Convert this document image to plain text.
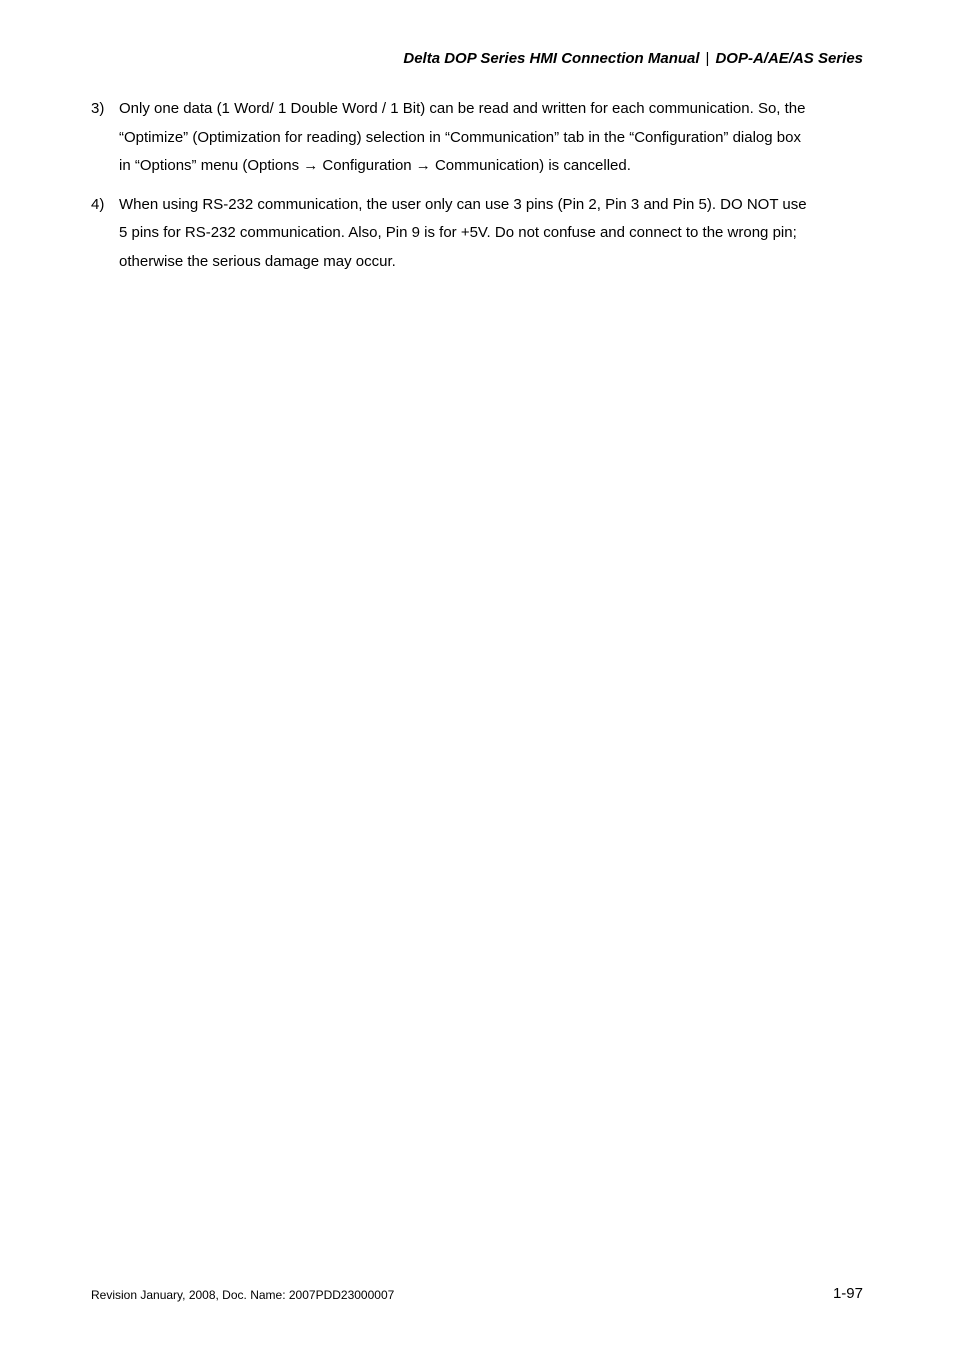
Delta DOP Series HMI Connection Manual | DOP-A/AE/AS Series
3) Only one data (1 Word/ 1 Double Word / 1 Bit) can be read and written for each communication. So, the
“Optimize” (Optimization for reading) selection in “Communication” tab in the “Configuration” dialog box
in “Options” menu (Options → Configuration → Communication) is cancelled.
4) When using RS-232 communication, the user only can use 3 pins (Pin 2, Pin 3 and Pin 5). DO NOT use
5 pins for RS-232 communication. Also, Pin 9 is for +5V. Do not confuse and connect to the wrong pin;
otherwise the serious damage may occur.
Revision January, 2008, Doc. Name: 2007PDD23000007	1-97
